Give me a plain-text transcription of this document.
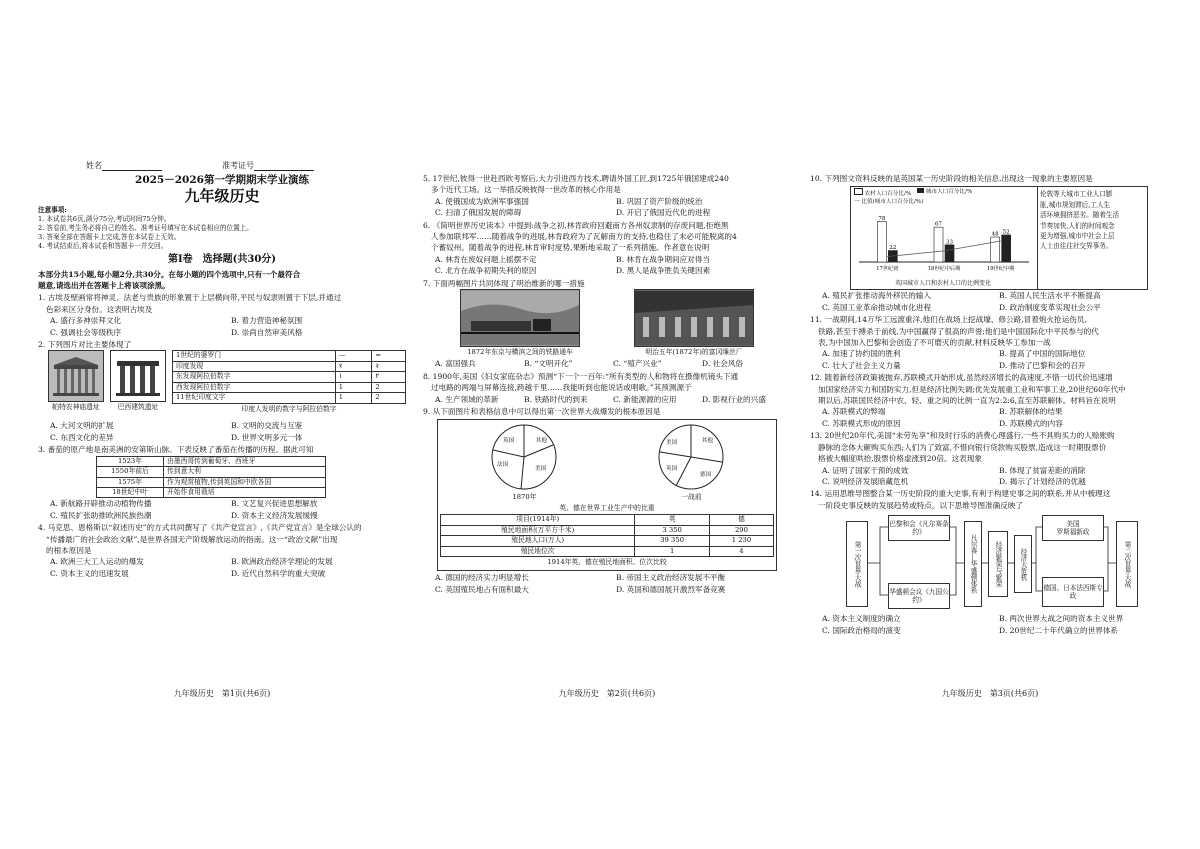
姓名	准考证号
2025－2026第一学期期末学业演练
九年级历史
注意事项:
1. 本试卷共6页,满分75分,考试时间75分钟。
2. 答卷前,考生务必将自己的姓名、准考证号填写在本试卷相应的位置上。
3. 答案全部在答题卡上完成,答在本试卷上无效。
4. 考试结束后,将本试卷和答题卡一并交回。
第Ⅰ卷　选择题(共30分)
本部分共15小题,每小题2分,共30分。在每小题的四个选项中,只有一个最符合
题意,请选出并在答题卡上将该项涂黑。
1. 古埃及壁画常将神灵、法老与贵族的形象置于上层横向带,平民与奴隶则置于下层,并通过
色彩来区分身份。这表明古埃及
A. 盛行多神崇拜文化	B. 着力营造神秘氛围
C. 强调社会等级秩序	D. 崇尚自然审美风格
2. 下列图片对比主要体现了
帕特农神庙遗址	巴西建筑遗址
1世纪的婆罗门	—	=
印度发现	१	२
东发现阿拉伯数字	١	٢
西发现阿拉伯数字	1	2
11世纪印度文字	1	2
印度人发明的数字与阿拉伯数字
A. 大河文明的扩展	B. 文明的交流与互鉴
C. 东西文化的差异	D. 世界文明多元一体
3. 番茄的原产地是南美洲的安第斯山脉。下表反映了番茄在传播的历程。据此可知
1523年	由墨西哥传到葡萄牙、西班牙
1550年前后	传到意大利
1575年	作为观赏植物,传到英国和中欧各国
18世纪中叶	开始作食用栽培
A. 新航路开辟推动动植物传播	B. 文艺复兴促进思想解放
C. 殖民扩张助推欧洲民族热潮	D. 资本主义经济发展缓慢
4. 马克思、恩格斯以“叙述历史”的方式共同撰写了《共产党宣言》,《共产党宣言》是全球公认的
“传播最广的社会政治文献”,是世界各国无产阶级解放运动的指南。这一“政治文献”出现
的根本原因是
A. 欧洲三大工人运动的爆发	B. 欧洲政治经济学理论的发展
C. 资本主义的迅速发展	D. 近代自然科学的重大突破
九年级历史　第1页(共6页)
5. 17世纪,彼得一世赴西欧考察后,大力引进西方技术,聘请外国工匠,到1725年俄国建成240
多个近代工场。这一举措反映彼得一世改革的核心作用是
A. 使俄国成为欧洲军事强国	B. 巩固了资产阶级的统治
C. 扫清了俄国发展的障碍	D. 开启了俄国近代化的进程
6. 《简明世界历史读本》中提到:战争之初,林肯政府回避南方各州奴隶制的存废问题,拒绝黑
人参加联邦军……随着战争的进展,林肯政府为了瓦解南方的支持,也稳住了未必可能脱离的4
个蓄奴州。随着战争的进程,林肯审时度势,果断地采取了一系列措施。作者意在说明
A. 林肯在废奴问题上摇摆不定	B. 林肯在战争期间应对得当
C. 北方在战争初期失利的原因	D. 黑人是战争胜负关键因素
7. 下面两幅图片共同体现了明治维新的哪一措施
1872年东京与横滨之间的铁路通车	明治五年(1872年)的富冈缫丝厂
A. 富国强兵	B. “文明开化”	C. “殖产兴业”	D. 社会风俗
8. 1900年,美国《妇女家庭杂志》预测“下一个一百年:“所有类型的人和物将在摄像机镜头下通
过电路的两端与屏幕连接,跨越千里……我能听到也能说话或唱歌。”其预测源于
A. 生产领域的革新	B. 铁路时代的到来	C. 新能源源的应用	D. 影视行业的兴盛
9. 从下面图片和表格信息中可以得出第一次世界大战爆发的根本原因是
其他
英国
美国
法国
其他
美国
德国
英国
1870年	一战前
英、德在世界工业生产中的比重
项目(1914年)	英	德
殖民地面积(万平方千米)	3 350	290
殖民地人口(万人)	39 350	1 230
殖民地位次	1	4
1914年英、德在殖民地面积、位次比较
A. 德国的经济实力明显增长	B. 帝国主义政治经济发展不平衡
C. 英国殖民地占有面积最大	D. 英国和德国展开激烈军备竞赛
九年级历史　第2页(共6页)
10. 下列图文资料反映的是英国某一历史阶段的相关信息,出现这一现象的主要原因是
农村人口百分比/%	城市人口百分比/%
一 比值(城市人口百分比/%)
78
22
17世纪初
67
33
18世纪中后期
48 52
19世纪中期
英国城市人口和农村人口的比例变化
伦敦等大城市工业人口膨
胀,城市规划滞后,工人生
活环境拥挤恶劣。随着生活
节奏加快,人们的时间观念
更为增强,城市中社会上层
人士由往往社交界事务。
A. 殖民扩张推动海外移民的输入	B. 英国人民生活水平不断提高
C. 英国工业革命推动城市化进程	D. 政治制度变革实现社会公平
11. 一战期间,14万华工远渡重洋,他们在战场上挖战壕、修公路,冒着炮火抢运伤员,
铁路,甚至于搏杀于前线,为中国赢得了很高的声誉;他们是中国国际化中平民参与的代
表,为中国加入巴黎和会创造了不可磨灭的贡献,材料反映华工参加一战
A. 加速了协约国的胜利	B. 提高了中国的国际地位
C. 壮大了社会主义力量	D. 推动了巴黎和会的召开
12. 随着新经济政策被抛弃,苏联模式开始形成,虽然经济增长的高速度,不惜一切代价迅速增
加国家经济实力和国防实力,但是经济比例失调;优先发展重工业和军事工业,20世纪60年代中
期以后,苏联国民经济中农、轻、重之间的比例一直为2:2:6,直至苏联解体。材料旨在说明
A. 苏联模式的弊端	B. 苏联解体的结果
C. 苏联模式形成的原因	D. 苏联模式的内容
13. 20世纪20年代,美国“未劳先享”和及时行乐的消费心理盛行,一些不具购买力的人赊账购
静脉的念体大砸购买东西;人们为了致富,不惜向银行贷款购买股票,造成这一时期股票价
格被大幅度哄抬,股票价格虚涨到20倍。这表现象
A. 证明了国家干预的成效	B. 体现了贫富差距的消除
C. 说明经济发展暗藏危机	D. 揭示了计划经济的优越
14. 运用思维导图整合某一历史阶段的重大史事,有利于构建史事之间的联系,并从中梳理这
一阶段史事反映的发展趋势或特点。以下思维导图准确反映了
第一次世界大战
巴黎和会《凡尔赛条约》
华盛顿会议《九国公约》
凡尔赛—华盛顿体系	经济繁荣与繁荣	经济大危机
美国
罗斯福新政
德国、日本法西斯专政
第二次世界大战
A. 资本主义制度的确立	B. 两次世界大战之间的资本主义世界
C. 国际政治格局的演变	D. 20世纪二十年代确立的世界体系
九年级历史　第3页(共6页)
